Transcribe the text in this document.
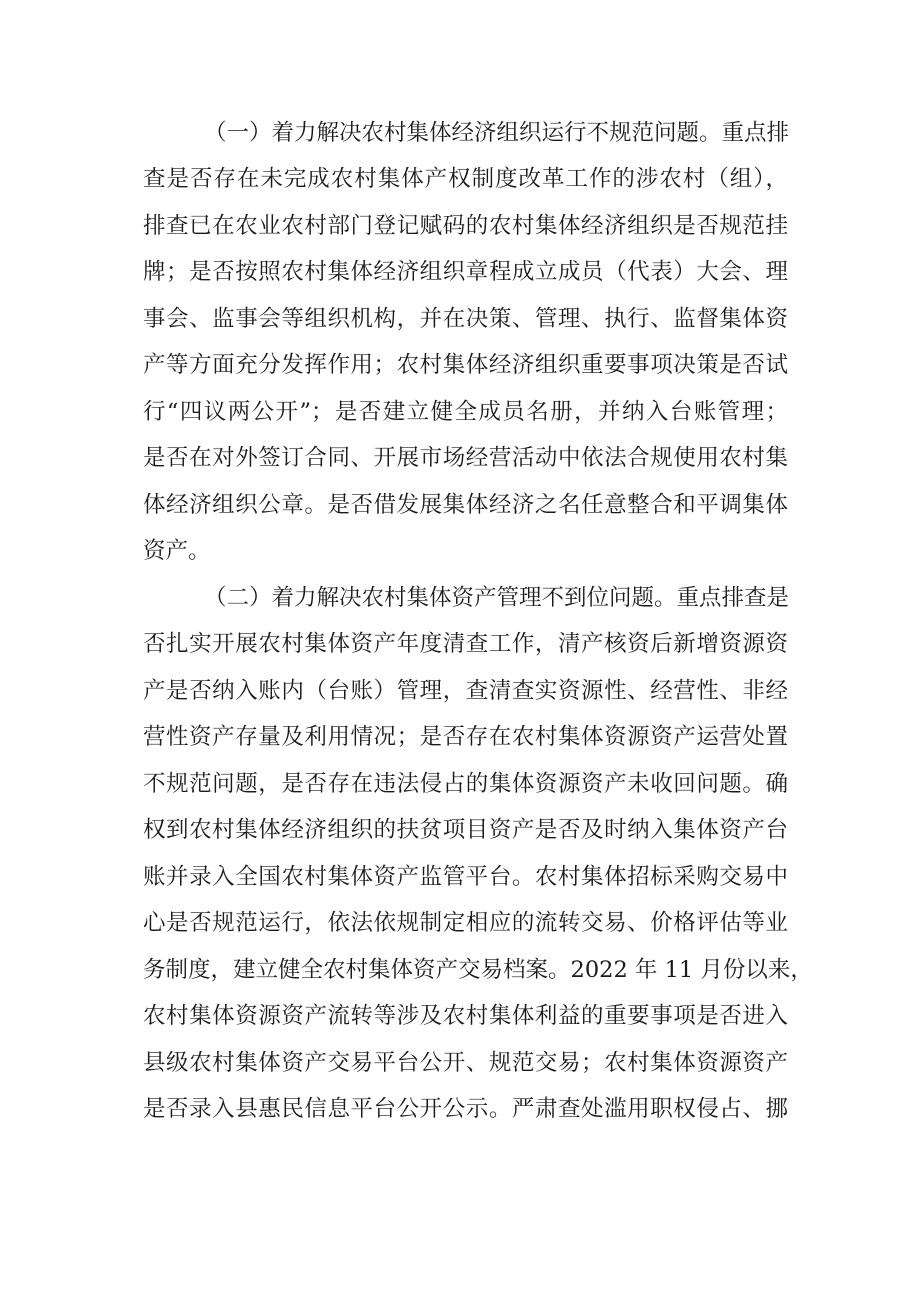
（一）着力解决农村集体经济组织运行不规范问题。重点排
查是否存在未完成农村集体产权制度改革工作的涉农村（组），
排查已在农业农村部门登记赋码的农村集体经济组织是否规范挂
牌；是否按照农村集体经济组织章程成立成员（代表）大会、理
事会、监事会等组织机构，并在决策、管理、执行、监督集体资
产等方面充分发挥作用；农村集体经济组织重要事项决策是否试
行“四议两公开”；是否建立健全成员名册，并纳入台账管理；
是否在对外签订合同、开展市场经营活动中依法合规使用农村集
体经济组织公章。是否借发展集体经济之名任意整合和平调集体
资产。
（二）着力解决农村集体资产管理不到位问题。重点排查是
否扎实开展农村集体资产年度清查工作，清产核资后新增资源资
产是否纳入账内（台账）管理，查清查实资源性、经营性、非经
营性资产存量及利用情况；是否存在农村集体资源资产运营处置
不规范问题，是否存在违法侵占的集体资源资产未收回问题。确
权到农村集体经济组织的扶贫项目资产是否及时纳入集体资产台
账并录入全国农村集体资产监管平台。农村集体招标采购交易中
心是否规范运行，依法依规制定相应的流转交易、价格评估等业
务制度，建立健全农村集体资产交易档案。2022 年 11 月份以来，
农村集体资源资产流转等涉及农村集体利益的重要事项是否进入
县级农村集体资产交易平台公开、规范交易；农村集体资源资产
是否录入县惠民信息平台公开公示。严肃查处滥用职权侵占、挪
